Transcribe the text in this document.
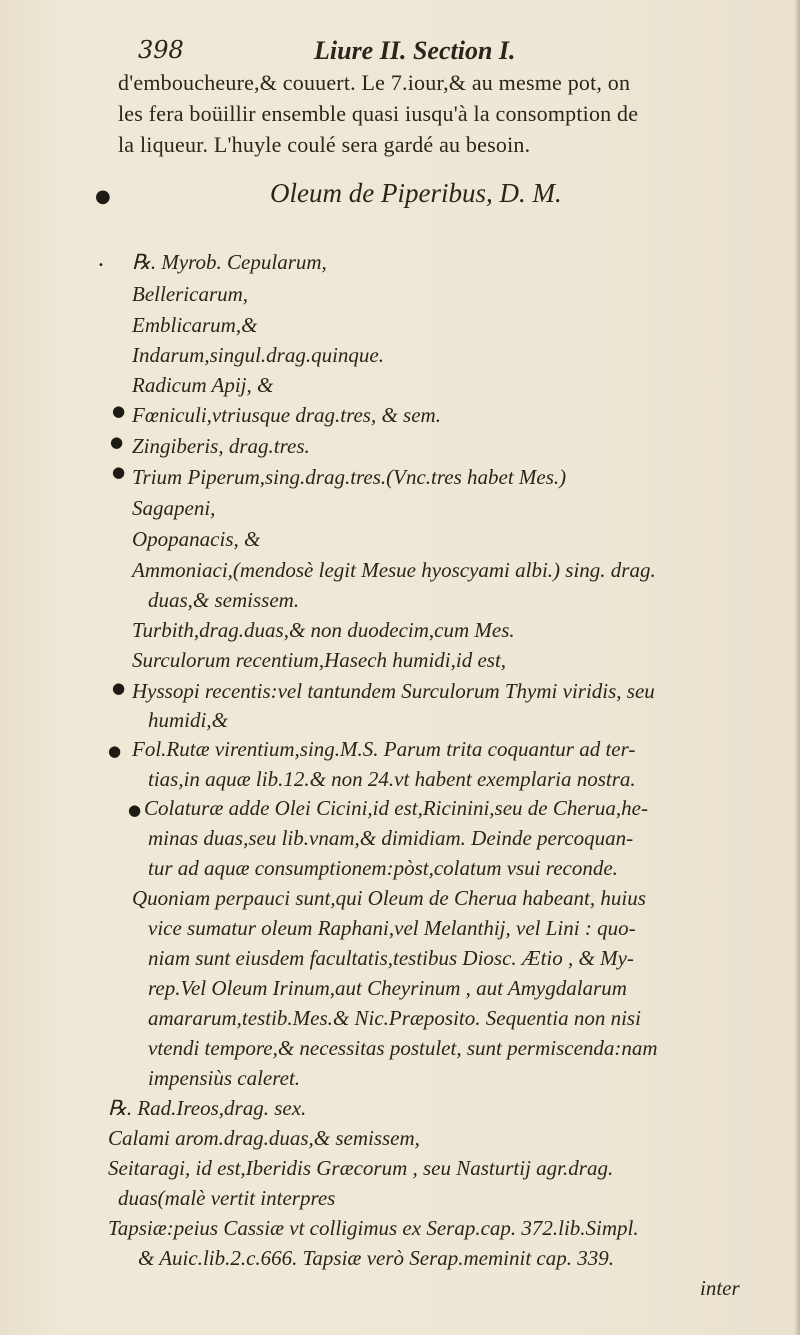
398	Liure II. Section I.
d'emboucheure,& couuert. Le 7.iour,& au mesme pot, on
les fera boüillir ensemble quasi iusqu'à la consomption de
la liqueur. L'huyle coulé sera gardé au besoin.
●	Oleum de Piperibus, D. M.
• ℞. Myrob. Cepularum,
Bellericarum,
Emblicarum,&
Indarum,singul.drag.quinque.
Radicum Apij, &
● Fœniculi,vtriusque drag.tres, & sem.
● Zingiberis, drag.tres.
● Trium Piperum,sing.drag.tres.(Vnc.tres habet Mes.)
Sagapeni,
Opopanacis, &
Ammoniaci,(mendosè legit Mesue hyoscyami albi.) sing. drag.
duas,& semissem.
Turbith,drag.duas,& non duodecim,cum Mes.
Surculorum recentium,Hasech humidi,id est,
● Hyssopi recentis:vel tantundem Surculorum Thymi viridis, seu
humidi,&
● Fol.Rutæ virentium,sing.M.S. Parum trita coquantur ad ter-
tias,in aquæ lib.12.& non 24.vt habent exemplaria nostra.
● Colaturæ adde Olei Cicini,id est,Ricinini,seu de Cherua,he-
minas duas,seu lib.vnam,& dimidiam. Deinde percoquan-
tur ad aquæ consumptionem:pòst,colatum vsui reconde.
Quoniam perpauci sunt,qui Oleum de Cherua habeant, huius
vice sumatur oleum Raphani,vel Melanthij, vel Lini : quo-
niam sunt eiusdem facultatis,testibus Diosc. Ætio , & My-
rep.Vel Oleum Irinum,aut Cheyrinum , aut Amygdalarum
amararum,testib.Mes.& Nic.Præposito. Sequentia non nisi
vtendi tempore,& necessitas postulet, sunt permiscenda:nam
impensiùs caleret.
℞. Rad.Ireos,drag. sex.
Calami arom.drag.duas,& semissem,
Seitaragi, id est,Iberidis Græcorum , seu Nasturtij agr.drag.
duas(malè vertit interpres
Tapsiæ:peius Cassiæ vt colligimus ex Serap.cap. 372.lib.Simpl.
& Auic.lib.2.c.666. Tapsiæ verò Serap.meminit cap. 339.
inter
